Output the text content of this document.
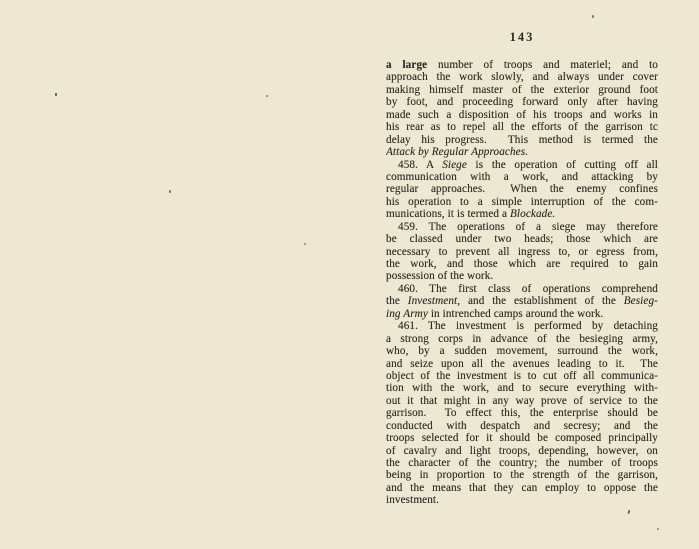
143
a large number of troops and materiel; and to
approach the work slowly, and always under cover
making himself master of the exterior ground foot
by foot, and proceeding forward only after having
made such a disposition of his troops and works in
his rear as to repel all the efforts of the garrison tc
delay his progress.  This method is termed the
Attack by Regular Approaches.
458. A Siege is the operation of cutting off all
communication with a work, and attacking by
regular approaches.  When the enemy confines
his operation to a simple interruption of the com-
munications, it is termed a Blockade.
459. The operations of a siege may therefore
be classed under two heads; those which are
necessary to prevent all ingress to, or egress from,
the work, and those which are required to gain
possession of the work.
460. The first class of operations comprehend
the Investment, and the establishment of the Besieg-
ing Army in intrenched camps around the work.
461. The investment is performed by detaching
a strong corps in advance of the besieging army,
who, by a sudden movement, surround the work,
and seize upon all the avenues leading to it.  The
object of the investment is to cut off all communica-
tion with the work, and to secure everything with-
out it that might in any way prove of service to the
garrison.  To effect this, the enterprise should be
conducted with despatch and secresy; and the
troops selected for it should be composed principally
of cavalry and light troops, depending, however, on
the character of the country; the number of troops
being in proportion to the strength of the garrison,
and the means that they can employ to oppose the
investment.
